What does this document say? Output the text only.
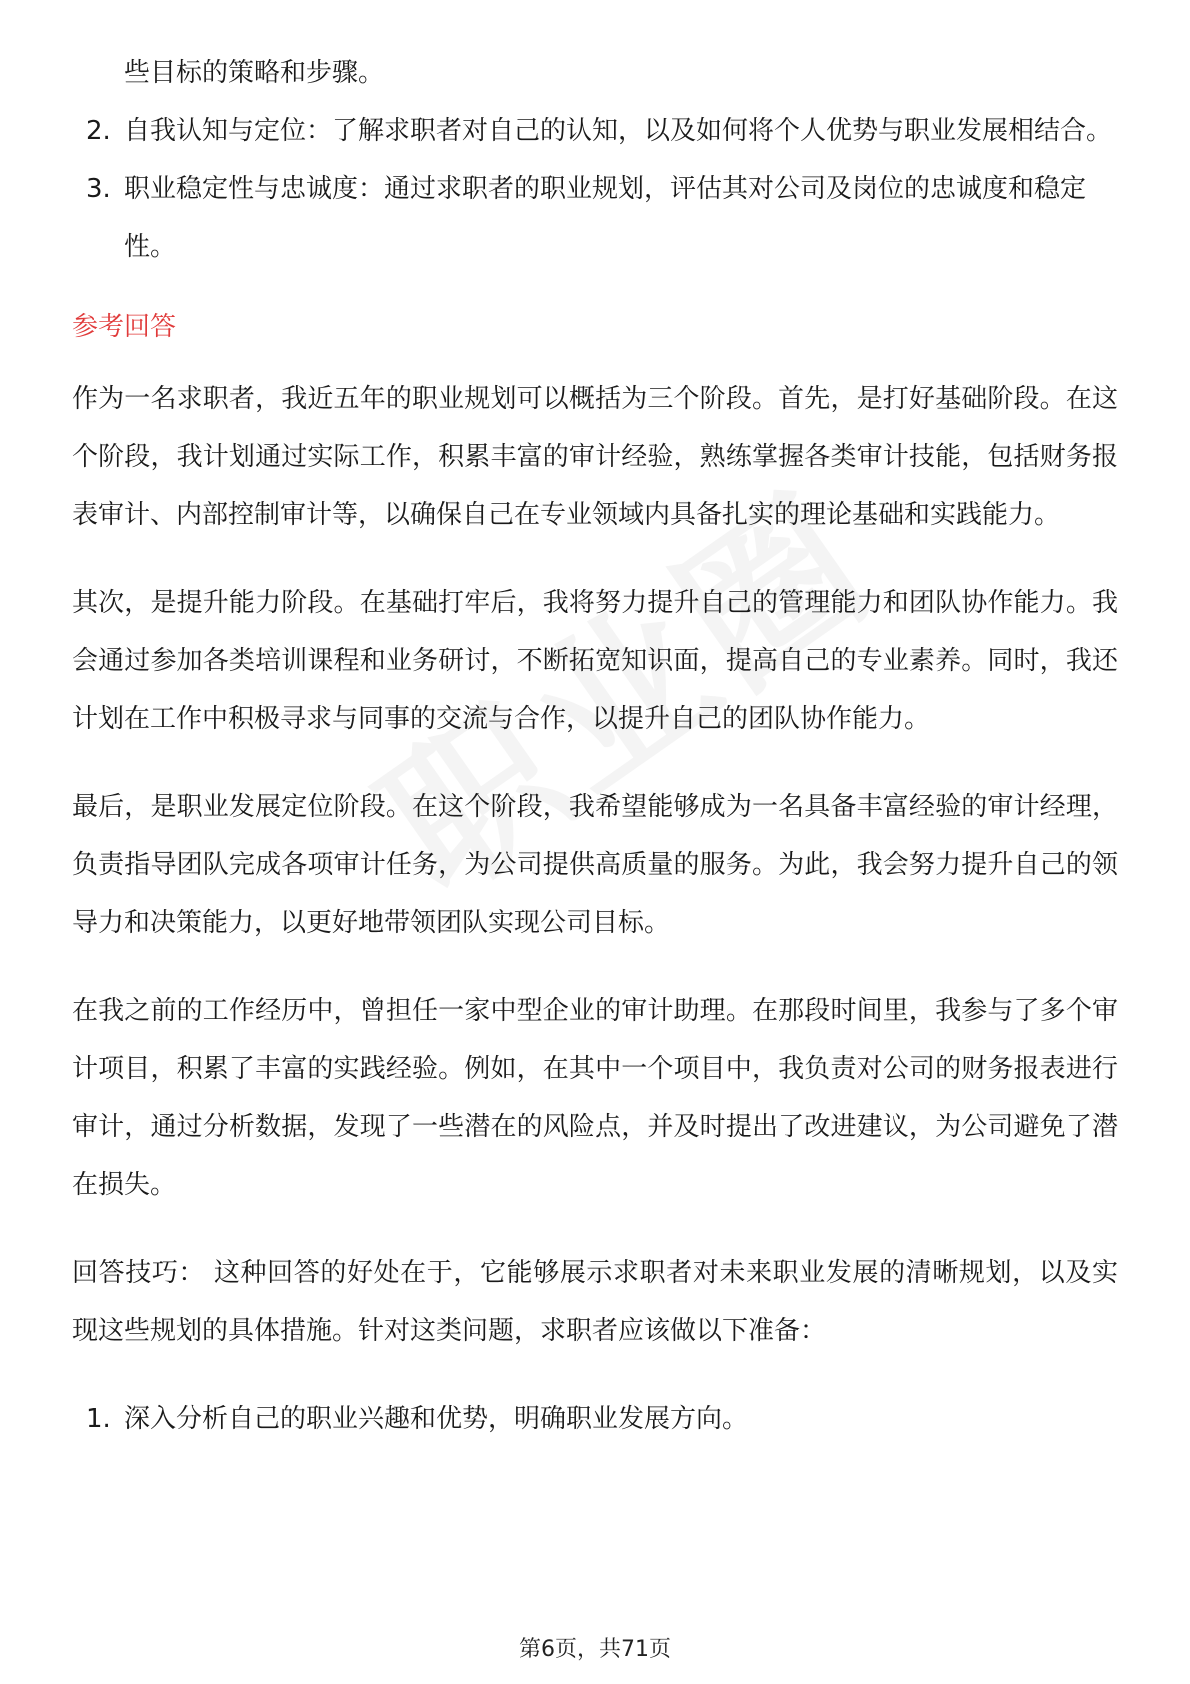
些目标的策略和步骤。

2. 自我认知与定位：了解求职者对自己的认知，以及如何将个人优势与职业发展相结合。
3. 职业稳定性与忠诚度：通过求职者的职业规划，评估其对公司及岗位的忠诚度和稳定性。
参考回答

作为一名求职者，我近五年的职业规划可以概括为三个阶段。首先，是打好基础阶段。在这个阶段，我计划通过实际工作，积累丰富的审计经验，熟练掌握各类审计技能，包括财务报表审计、内部控制审计等，以确保自己在专业领域内具备扎实的理论基础和实践能力。

其次，是提升能力阶段。在基础打牢后，我将努力提升自己的管理能力和团队协作能力。我会通过参加各类培训课程和业务研讨，不断拓宽知识面，提高自己的专业素养。同时，我还计划在工作中积极寻求与同事的交流与合作，以提升自己的团队协作能力。

最后，是职业发展定位阶段。在这个阶段，我希望能够成为一名具备丰富经验的审计经理，负责指导团队完成各项审计任务，为公司提供高质量的服务。为此，我会努力提升自己的领导力和决策能力，以更好地带领团队实现公司目标。

在我之前的工作经历中，曾担任一家中型企业的审计助理。在那段时间里，我参与了多个审计项目，积累了丰富的实践经验。例如，在其中一个项目中，我负责对公司的财务报表进行审计，通过分析数据，发现了一些潜在的风险点，并及时提出了改进建议，为公司避免了潜在损失。

回答技巧： 这种回答的好处在于，它能够展示求职者对未来职业发展的清晰规划，以及实现这些规划的具体措施。针对这类问题，求职者应该做以下准备：

1. 深入分析自己的职业兴趣和优势，明确职业发展方向。
第6页，共71页
